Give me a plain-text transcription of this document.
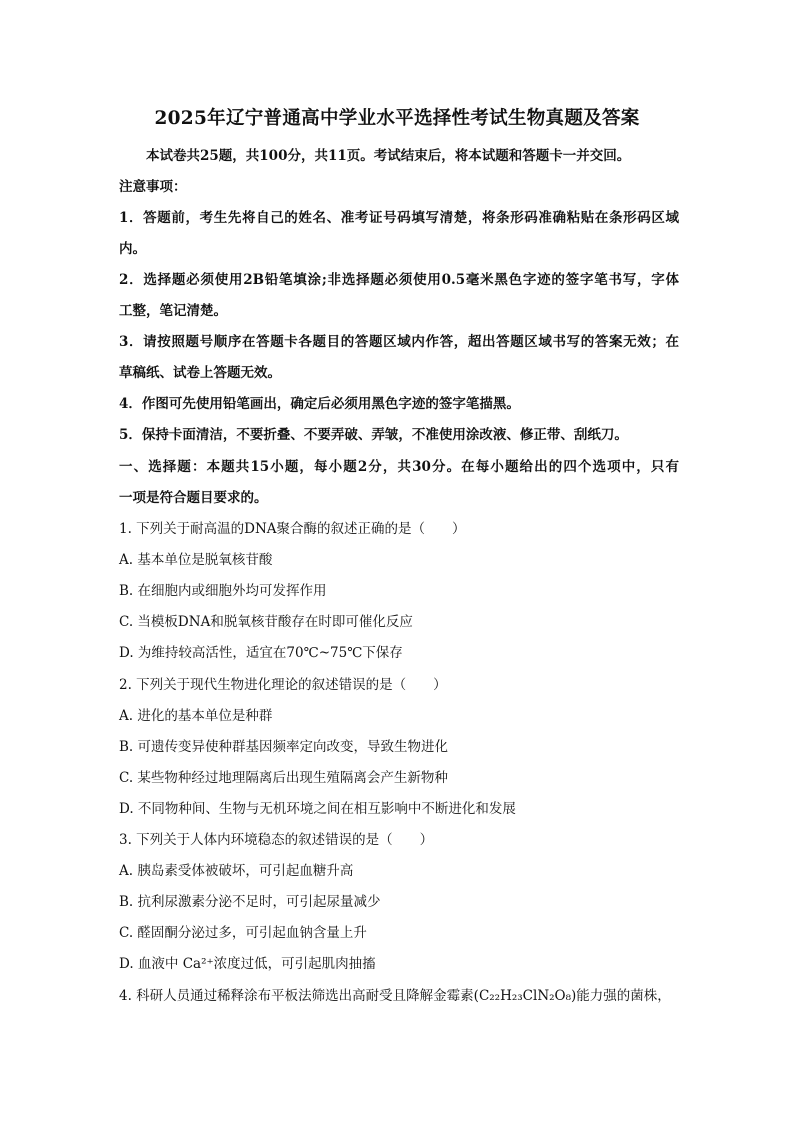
2025年辽宁普通高中学业水平选择性考试生物真题及答案
本试卷共25题，共100分，共11页。考试结束后，将本试题和答题卡一并交回。
注意事项：
1．答题前，考生先将自己的姓名、准考证号码填写清楚，将条形码准确粘贴在条形码区域
内。
2．选择题必须使用2B铅笔填涂;非选择题必须使用0.5毫米黑色字迹的签字笔书写，字体
工整，笔记清楚。
3．请按照题号顺序在答题卡各题目的答题区域内作答，超出答题区域书写的答案无效；在
草稿纸、试卷上答题无效。
4．作图可先使用铅笔画出，确定后必须用黑色字迹的签字笔描黑。
5．保持卡面清洁，不要折叠、不要弄破、弄皱，不准使用涂改液、修正带、刮纸刀。
一、选择题：本题共15小题，每小题2分，共30分。在每小题给出的四个选项中，只有
一项是符合题目要求的。
1. 下列关于耐高温的DNA聚合酶的叙述正确的是（　　）
A. 基本单位是脱氧核苷酸
B. 在细胞内或细胞外均可发挥作用
C. 当模板DNA和脱氧核苷酸存在时即可催化反应
D. 为维持较高活性，适宜在70℃~75℃下保存
2. 下列关于现代生物进化理论的叙述错误的是（　　）
A. 进化的基本单位是种群
B. 可遗传变异使种群基因频率定向改变，导致生物进化
C. 某些物种经过地理隔离后出现生殖隔离会产生新物种
D. 不同物种间、生物与无机环境之间在相互影响中不断进化和发展
3. 下列关于人体内环境稳态的叙述错误的是（　　）
A. 胰岛素受体被破坏，可引起血糖升高
B. 抗利尿激素分泌不足时，可引起尿量减少
C. 醛固酮分泌过多，可引起血钠含量上升
D. 血液中 Ca²⁺浓度过低，可引起肌肉抽搐
4. 科研人员通过稀释涂布平板法筛选出高耐受且降解金霉素(C₂₂H₂₃ClN₂O₈)能力强的菌株，
